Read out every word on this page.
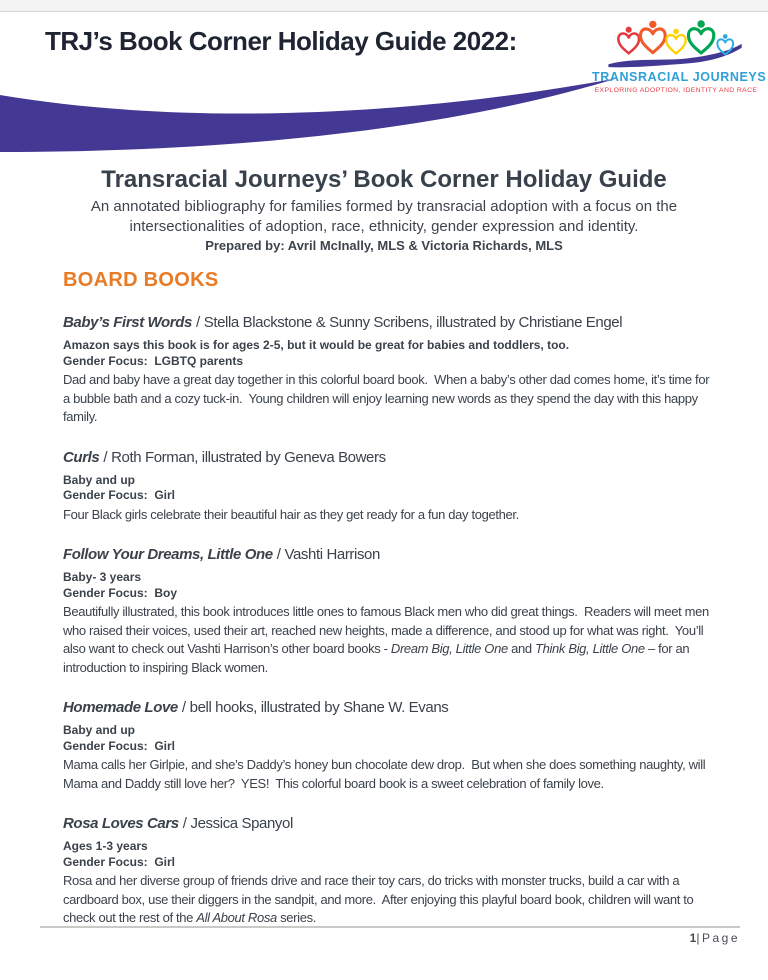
TRJ’s Book Corner Holiday Guide 2022:
TRANSRACIAL JOURNEYS
EXPLORING ADOPTION, IDENTITY AND RACE
Transracial Journeys’ Book Corner Holiday Guide

An annotated bibliography for families formed by transracial adoption with a focus on the intersectionalities of adoption, race, ethnicity, gender expression and identity.

Prepared by: Avril McInally, MLS & Victoria Richards, MLS

BOARD BOOKS
Baby’s First Words / Stella Blackstone & Sunny Scribens, illustrated by Christiane Engel

Amazon says this book is for ages 2-5, but it would be great for babies and toddlers, too.

Gender Focus:  LGBTQ parents

Dad and baby have a great day together in this colorful board book.  When a baby’s other dad comes home, it’s time for a bubble bath and a cozy tuck-in.  Young children will enjoy learning new words as they spend the day with this happy family.

Curls / Roth Forman, illustrated by Geneva Bowers

Baby and up

Gender Focus:  Girl

Four Black girls celebrate their beautiful hair as they get ready for a fun day together.

Follow Your Dreams, Little One / Vashti Harrison

Baby- 3 years

Gender Focus:  Boy

Beautifully illustrated, this book introduces little ones to famous Black men who did great things.  Readers will meet men who raised their voices, used their art, reached new heights, made a difference, and stood up for what was right.  You’ll also want to check out Vashti Harrison’s other board books - Dream Big, Little One and Think Big, Little One – for an introduction to inspiring Black women.

Homemade Love / bell hooks, illustrated by Shane W. Evans

Baby and up

Gender Focus:  Girl

Mama calls her Girlpie, and she’s Daddy’s honey bun chocolate dew drop.  But when she does something naughty, will Mama and Daddy still love her?  YES!  This colorful board book is a sweet celebration of family love.

Rosa Loves Cars / Jessica Spanyol

Ages 1-3 years

Gender Focus:  Girl

Rosa and her diverse group of friends drive and race their toy cars, do tricks with monster trucks, build a car with a cardboard box, use their diggers in the sandpit, and more.  After enjoying this playful board book, children will want to check out the rest of the All About Rosa series.

1|Page
